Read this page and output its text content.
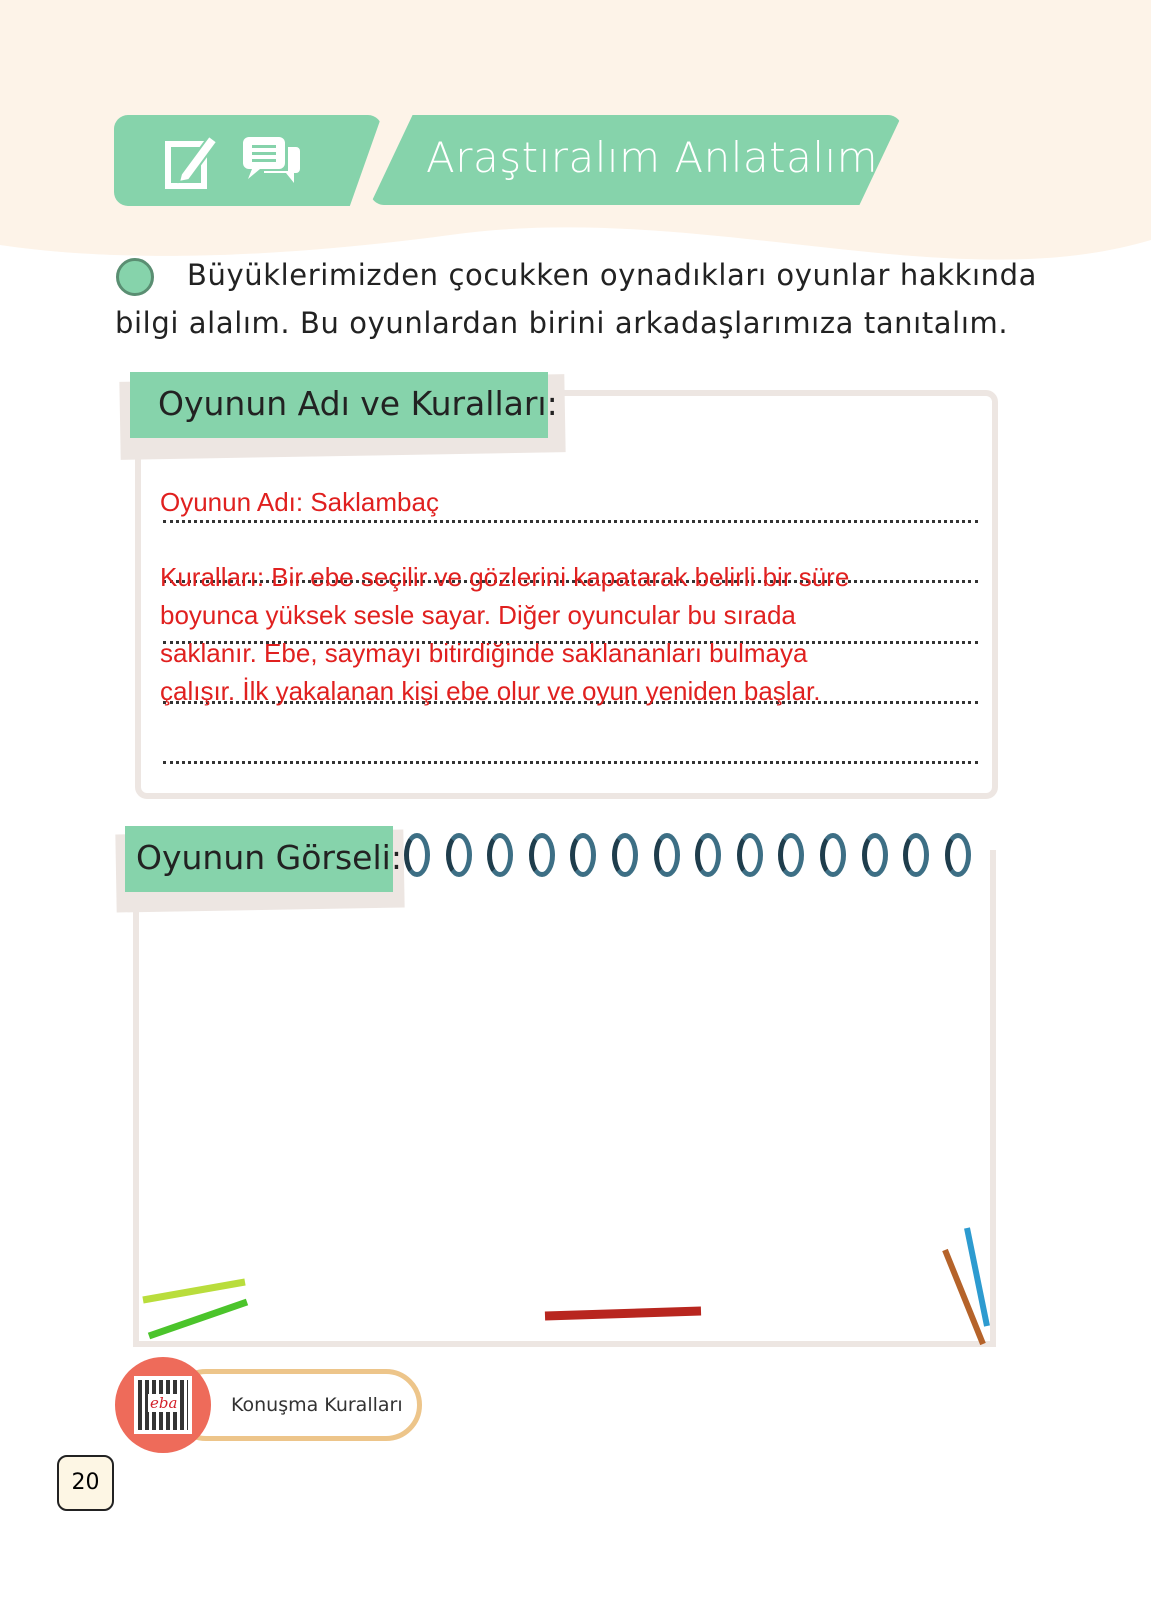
Araştıralım Anlatalım
Büyüklerimizden çocukken oynadıkları oyunlar hakkında
bilgi alalım. Bu oyunlardan birini arkadaşlarımıza tanıtalım.
Oyunun Adı ve Kuralları:
Oyunun Adı: Saklambaç
Kuralları: Bir ebe seçilir ve gözlerini kapatarak belirli bir süre
boyunca yüksek sesle sayar. Diğer oyuncular bu sırada
saklanır. Ebe, saymayı bitirdiğinde saklananları bulmaya
çalışır. İlk yakalanan kişi ebe olur ve oyun yeniden başlar.
Oyunun Görseli:
Konuşma Kuralları
eba
20
